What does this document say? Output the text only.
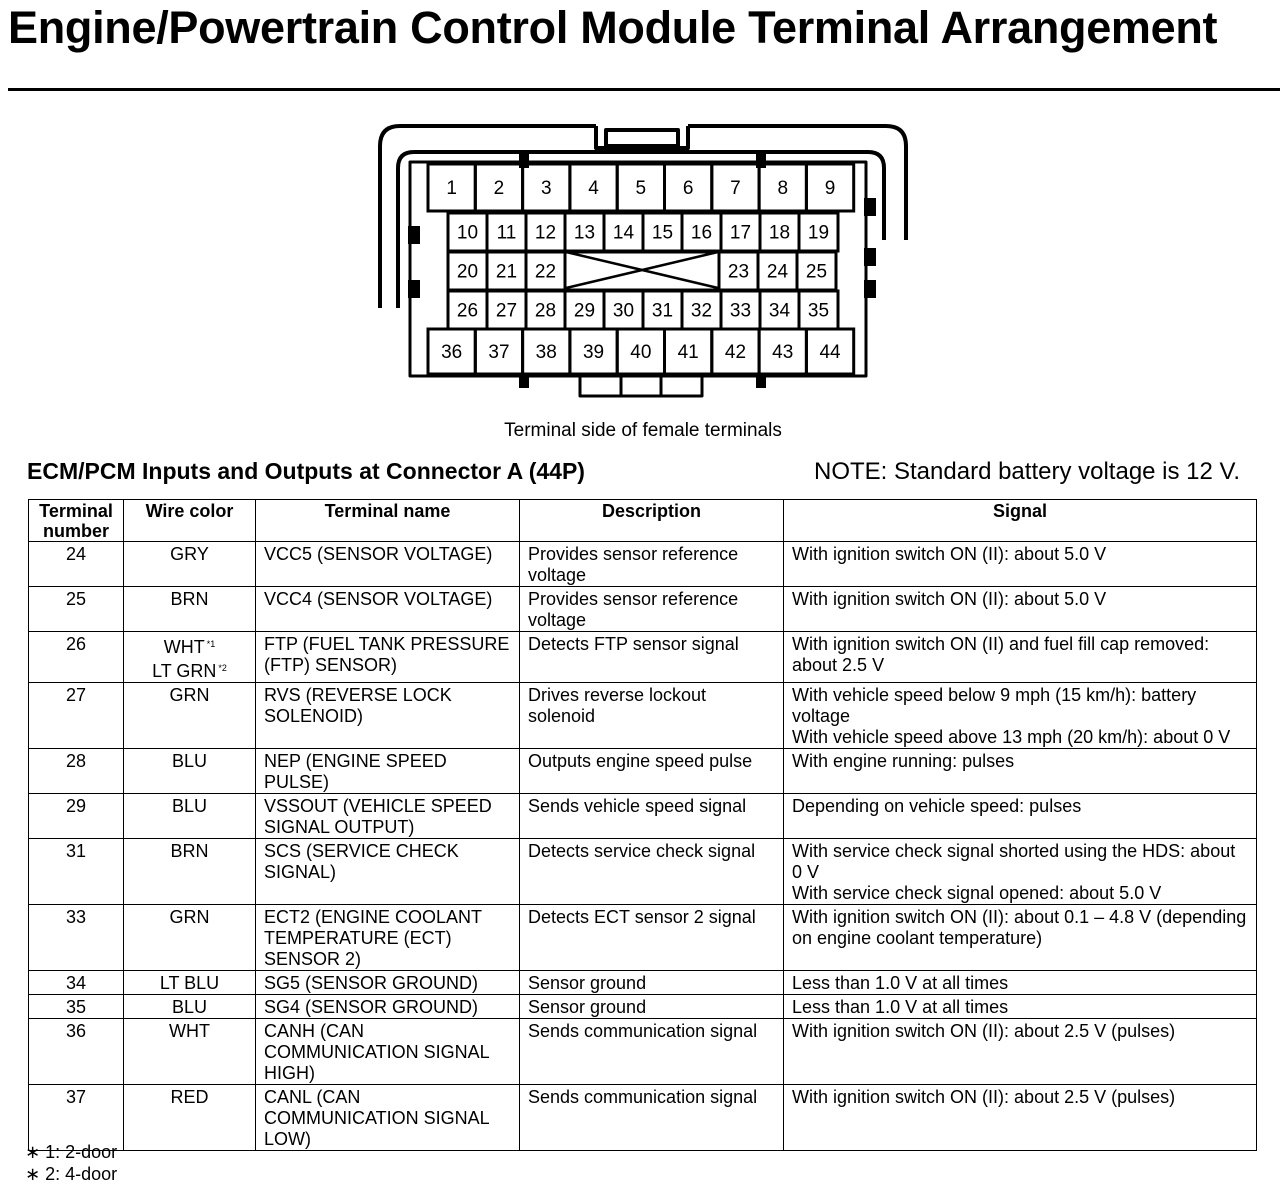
Engine/Powertrain Control Module Terminal Arrangement
1 2 3 4 5 6 7 8 9
10 11 12 13 14 15 16 17 18 19
20 21 22	23 24 25
26 27 28 29 30 31 32 33 34 35
36 37 38 39 40 41 42 43 44
Terminal side of female terminals
ECM/PCM Inputs and Outputs at Connector A (44P)	NOTE: Standard battery voltage is 12 V.
Terminal
number	Wire color	Terminal name	Description	Signal
24	GRY	VCC5 (SENSOR VOLTAGE)	Provides sensor reference voltage	With ignition switch ON (II): about 5.0 V

25	BRN	VCC4 (SENSOR VOLTAGE)	Provides sensor reference voltage	With ignition switch ON (II): about 5.0 V

26	WHT $^{*1}$
LT GRN $^{*2}$	FTP (FUEL TANK PRESSURE (FTP) SENSOR)	Detects FTP sensor signal	With ignition switch ON (II) and fuel fill cap removed: about 2.5 V

27	GRN	RVS (REVERSE LOCK SOLENOID)	Drives reverse lockout solenoid	With vehicle speed below 9 mph (15 km/h): battery voltage
With vehicle speed above 13 mph (20 km/h): about 0 V

28	BLU	NEP (ENGINE SPEED PULSE)	Outputs engine speed pulse	With engine running: pulses

29	BLU	VSSOUT (VEHICLE SPEED SIGNAL OUTPUT)	Sends vehicle speed signal	Depending on vehicle speed: pulses

31	BRN	SCS (SERVICE CHECK SIGNAL)	Detects service check signal	With service check signal shorted using the HDS: about 0 V
With service check signal opened: about 5.0 V

33	GRN	ECT2 (ENGINE COOLANT TEMPERATURE (ECT) SENSOR 2)	Detects ECT sensor 2 signal	With ignition switch ON (II): about 0.1 – 4.8 V (depending on engine coolant temperature)

34	LT BLU	SG5 (SENSOR GROUND)	Sensor ground	Less than 1.0 V at all times

35	BLU	SG4 (SENSOR GROUND)	Sensor ground	Less than 1.0 V at all times

36	WHT	CANH (CAN COMMUNICATION SIGNAL HIGH)	Sends communication signal	With ignition switch ON (II): about 2.5 V (pulses)

37	RED	CANL (CAN COMMUNICATION SIGNAL LOW)	Sends communication signal	With ignition switch ON (II): about 2.5 V (pulses)
∗ 1: 2-door
∗ 2: 4-door
